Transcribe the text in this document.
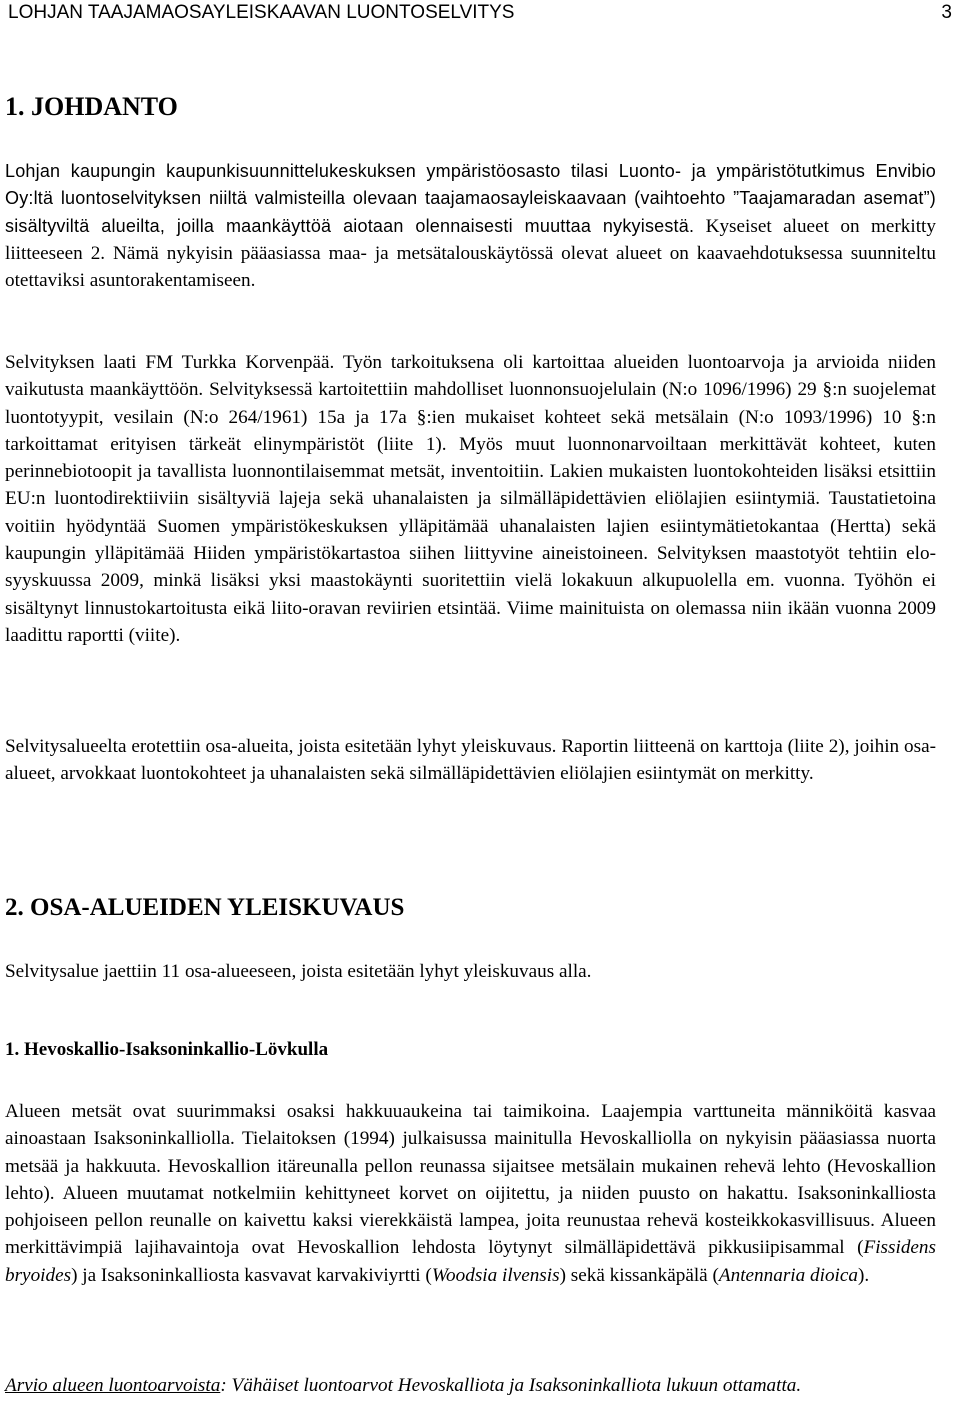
LOHJAN TAAJAMAOSAYLEISKAAVAN LUONTOSELVITYS	3
1. JOHDANTO
Lohjan kaupungin kaupunkisuunnittelukeskuksen ympäristöosasto tilasi Luonto- ja ympäristötutkimus Envibio Oy:ltä luontoselvityksen niiltä valmisteilla olevaan taajamaosayleiskaavaan (vaihtoehto ”Taajamaradan asemat”) sisältyviltä alueilta, joilla maankäyttöä aiotaan olennaisesti muuttaa nykyisestä. Kyseiset alueet on merkitty liitteeseen 2. Nämä nykyisin pääasiassa maa- ja metsätalouskäytössä olevat alueet on kaavaehdotuksessa suunniteltu otettaviksi asuntorakentamiseen.
Selvityksen laati FM Turkka Korvenpää. Työn tarkoituksena oli kartoittaa alueiden luontoarvoja ja arvioida niiden vaikutusta maankäyttöön. Selvityksessä kartoitettiin mahdolliset luonnonsuojelulain (N:o 1096/1996) 29 §:n suojelemat luontotyypit, vesilain (N:o 264/1961) 15a ja 17a §:ien mukaiset kohteet sekä metsälain (N:o 1093/1996) 10 §:n tarkoittamat erityisen tärkeät elinympäristöt (liite 1). Myös muut luonnonarvoiltaan merkittävät kohteet, kuten perinnebiotoopit ja tavallista luonnontilaisemmat metsät, inventoitiin. Lakien mukaisten luontokohteiden lisäksi etsittiin EU:n luontodirektiiviin sisältyviä lajeja sekä uhanalaisten ja silmälläpidettävien eliölajien esiintymiä. Taustatietoina voitiin hyödyntää Suomen ympäristökeskuksen ylläpitämää uhanalaisten lajien esiintymätietokantaa (Hertta) sekä kaupungin ylläpitämää Hiiden ympäristökartastoa siihen liittyvine aineistoineen. Selvityksen maastotyöt tehtiin elo-syyskuussa 2009, minkä lisäksi yksi maastokäynti suoritettiin vielä lokakuun alkupuolella em. vuonna. Työhön ei sisältynyt linnustokartoitusta eikä liito-oravan reviirien etsintää. Viime mainituista on olemassa niin ikään vuonna 2009 laadittu raportti (viite).
Selvitysalueelta erotettiin osa-alueita, joista esitetään lyhyt yleiskuvaus. Raportin liitteenä on karttoja (liite 2), joihin osa-alueet, arvokkaat luontokohteet ja uhanalaisten sekä silmälläpidettävien eliölajien esiintymät on merkitty.
2. OSA-ALUEIDEN YLEISKUVAUS
Selvitysalue jaettiin 11 osa-alueeseen, joista esitetään lyhyt yleiskuvaus alla.
1. Hevoskallio-Isaksoninkallio-Lövkulla
Alueen metsät ovat suurimmaksi osaksi hakkuuaukeina tai taimikoina. Laajempia varttuneita männiköitä kasvaa ainoastaan Isaksoninkalliolla. Tielaitoksen (1994) julkaisussa mainitulla Hevoskalliolla on nykyisin pääasiassa nuorta metsää ja hakkuuta. Hevoskallion itäreunalla pellon reunassa sijaitsee metsälain mukainen rehevä lehto (Hevoskallion lehto). Alueen muutamat notkelmiin kehittyneet korvet on oijitettu, ja niiden puusto on hakattu. Isaksoninkalliosta pohjoiseen pellon reunalle on kaivettu kaksi vierekkäistä lampea, joita reunustaa rehevä kosteikkokasvillisuus. Alueen merkittävimpiä lajihavaintoja ovat Hevoskallion lehdosta löytynyt silmälläpidettävä pikkusiipisammal (Fissidens bryoides) ja Isaksoninkalliosta kasvavat karvakiviyrtti (Woodsia ilvensis) sekä kissankäpälä (Antennaria dioica).
Arvio alueen luontoarvoista: Vähäiset luontoarvot Hevoskalliota ja Isaksoninkalliota lukuun ottamatta.
